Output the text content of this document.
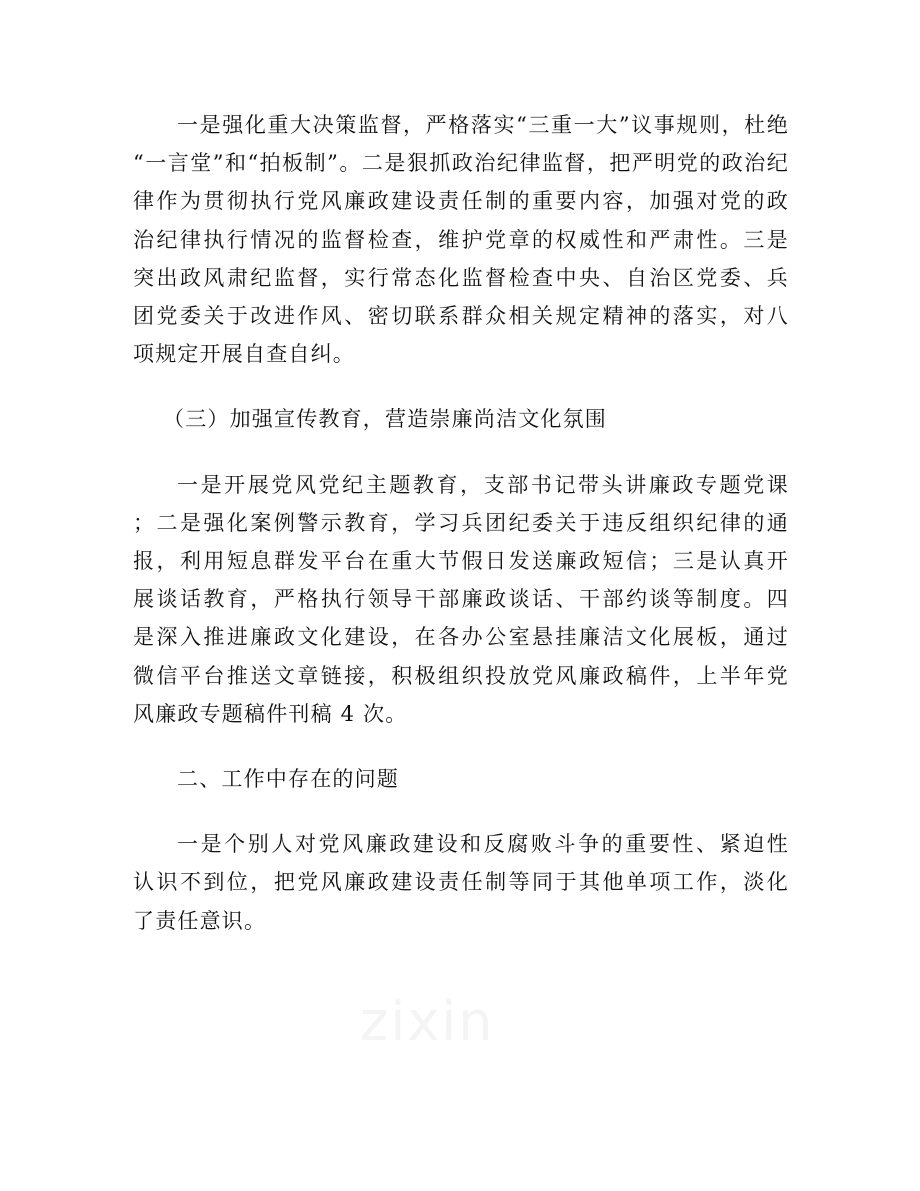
zixin

一是强化重大决策监督，严格落实“三重一大”议事规则，杜绝
“一言堂”和“拍板制”。二是狠抓政治纪律监督，把严明党的政治纪
律作为贯彻执行党风廉政建设责任制的重要内容，加强对党的政
治纪律执行情况的监督检查，维护党章的权威性和严肃性。三是
突出政风肃纪监督，实行常态化监督检查中央、自治区党委、兵
团党委关于改进作风、密切联系群众相关规定精神的落实，对八
项规定开展自查自纠。

（三）加强宣传教育，营造崇廉尚洁文化氛围

一是开展党风党纪主题教育，支部书记带头讲廉政专题党课
；二是强化案例警示教育，学习兵团纪委关于违反组织纪律的通
报，利用短息群发平台在重大节假日发送廉政短信；三是认真开
展谈话教育，严格执行领导干部廉政谈话、干部约谈等制度。四
是深入推进廉政文化建设，在各办公室悬挂廉洁文化展板，通过
微信平台推送文章链接，积极组织投放党风廉政稿件，上半年党
风廉政专题稿件刊稿 4 次。

二、工作中存在的问题

一是个别人对党风廉政建设和反腐败斗争的重要性、紧迫性
认识不到位，把党风廉政建设责任制等同于其他单项工作，淡化
了责任意识。
